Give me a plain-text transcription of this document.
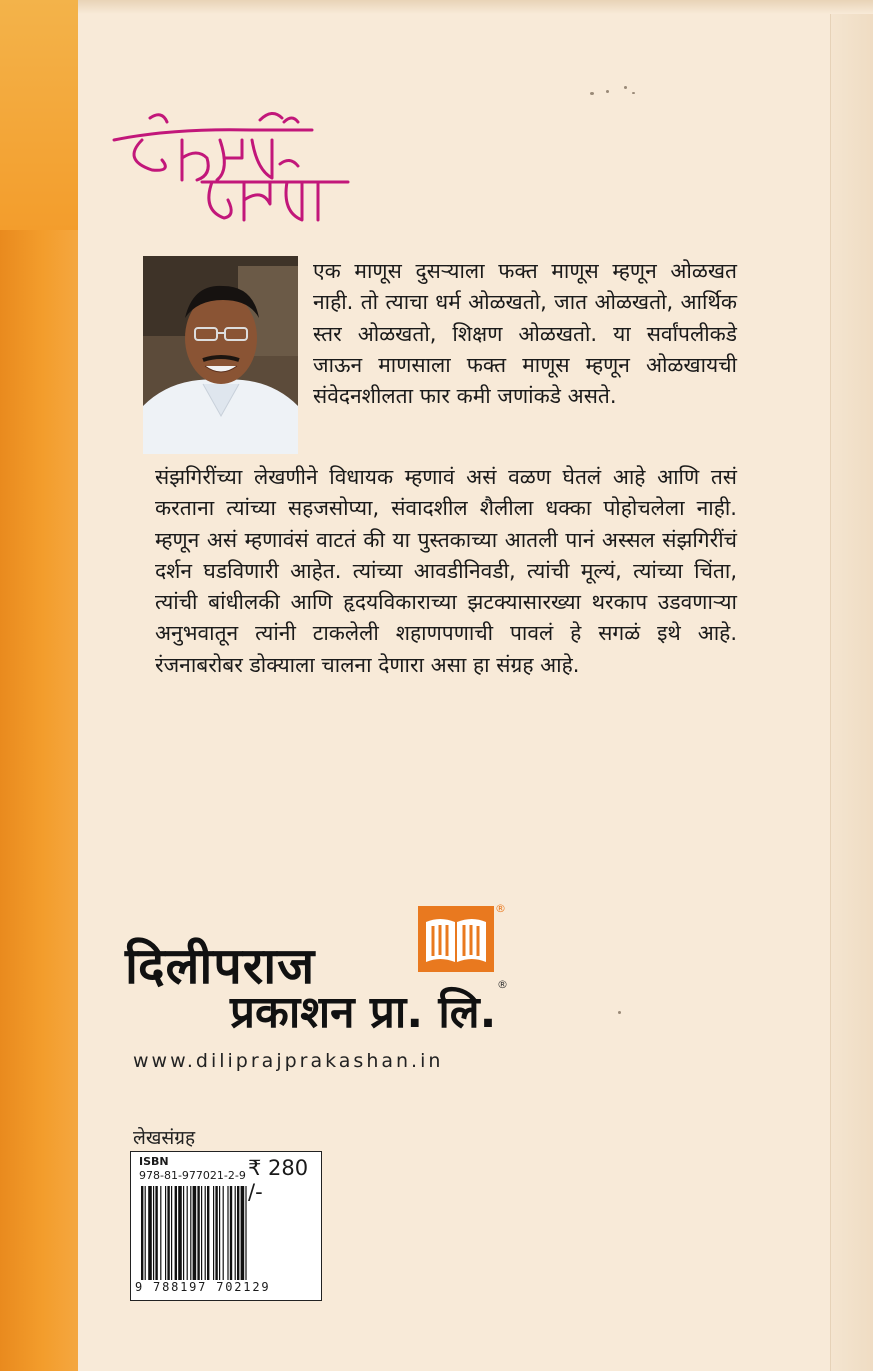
एक माणूस दुसऱ्याला फक्त माणूस म्हणून ओळखत नाही. तो त्याचा धर्म ओळखतो, जात ओळखतो, आर्थिक स्तर ओळखतो, शिक्षण ओळखतो. या सर्वांपलीकडे जाऊन माणसाला फक्त माणूस म्हणून ओळखायची संवेदनशीलता फार कमी जणांकडे असते.
संझगिरींच्या लेखणीने विधायक म्हणावं असं वळण घेतलं आहे आणि तसं करताना त्यांच्या सहजसोप्या, संवादशील शैलीला धक्का पोहोचलेला नाही. म्हणून असं म्हणावंसं वाटतं की या पुस्तकाच्या आतली पानं अस्सल संझगिरींचं दर्शन घडविणारी आहेत. त्यांच्या आवडीनिवडी, त्यांची मूल्यं, त्यांच्या चिंता, त्यांची बांधीलकी आणि हृदयविकाराच्या झटक्यासारख्या थरकाप उडवणाऱ्या अनुभवातून त्यांनी टाकलेली शहाणपणाची पावलं हे सगळं इथे आहे. रंजनाबरोबर डोक्याला चालना देणारा असा हा संग्रह आहे.
®
दिलीपराज
प्रकाशन प्रा. लि.
®
www.diliprajprakashan.in
लेखसंग्रह
ISBN
978-81-977021-2-9 ₹ 280 /-
9 788197 702129
